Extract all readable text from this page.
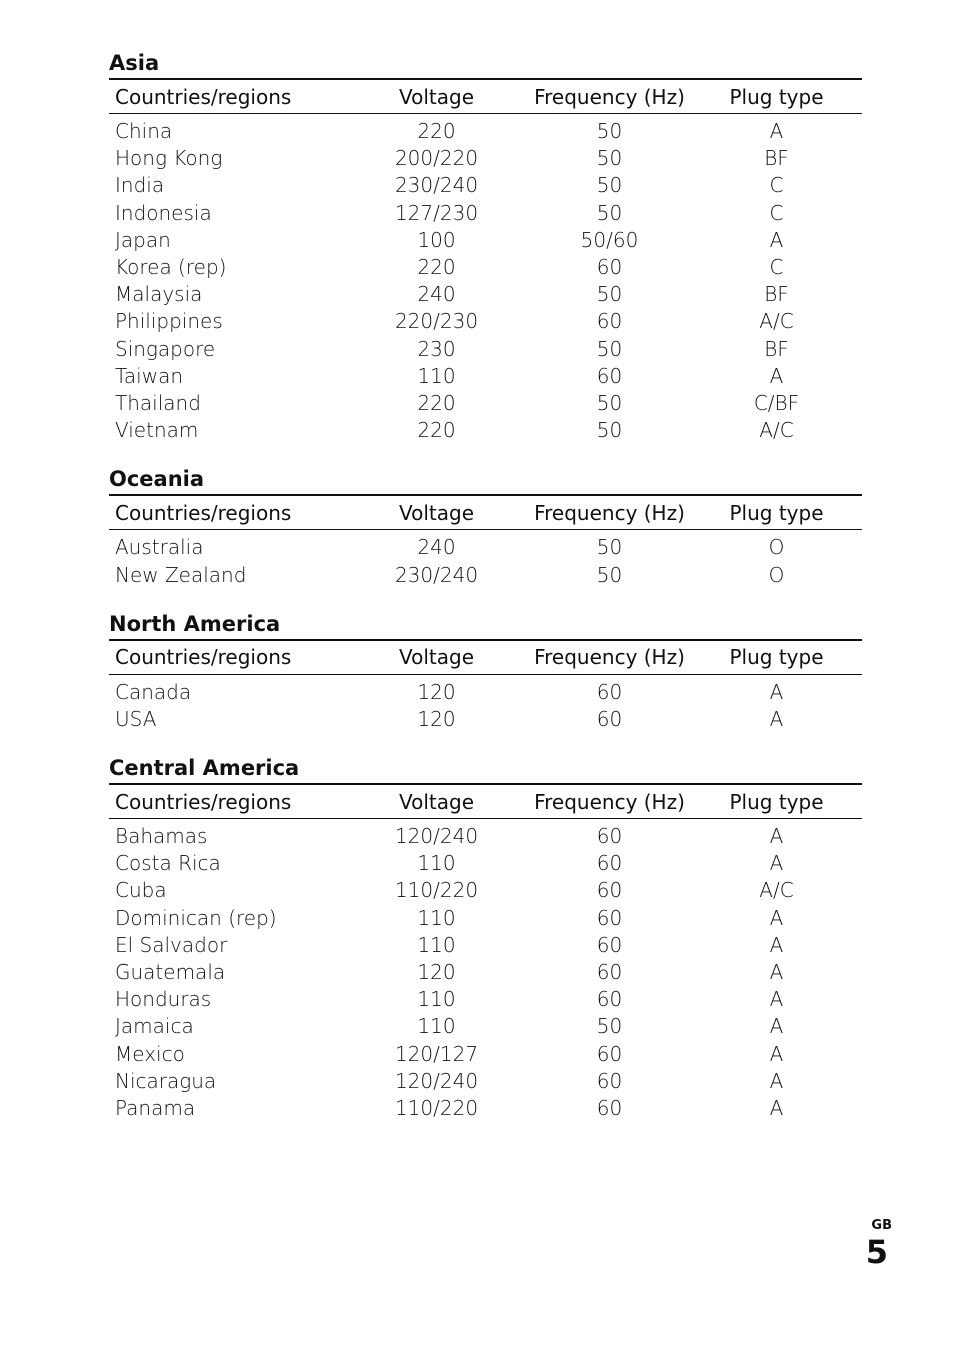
Asia
Countries/regions	Voltage	Frequency (Hz)	Plug type
China	220	50	A
Hong Kong	200/220	50	BF
India	230/240	50	C
Indonesia	127/230	50	C
Japan	100	50/60	A
Korea (rep)	220	60	C
Malaysia	240	50	BF
Philippines	220/230	60	A/C
Singapore	230	50	BF
Taiwan	110	60	A
Thailand	220	50	C/BF
Vietnam	220	50	A/C
Oceania
Countries/regions	Voltage	Frequency (Hz)	Plug type
Australia	240	50	O
New Zealand	230/240	50	O
North America
Countries/regions	Voltage	Frequency (Hz)	Plug type
Canada	120	60	A
USA	120	60	A
Central America
Countries/regions	Voltage	Frequency (Hz)	Plug type
Bahamas	120/240	60	A
Costa Rica	110	60	A
Cuba	110/220	60	A/C
Dominican (rep)	110	60	A
El Salvador	110	60	A
Guatemala	120	60	A
Honduras	110	60	A
Jamaica	110	50	A
Mexico	120/127	60	A
Nicaragua	120/240	60	A
Panama	110/220	60	A
GB
5
